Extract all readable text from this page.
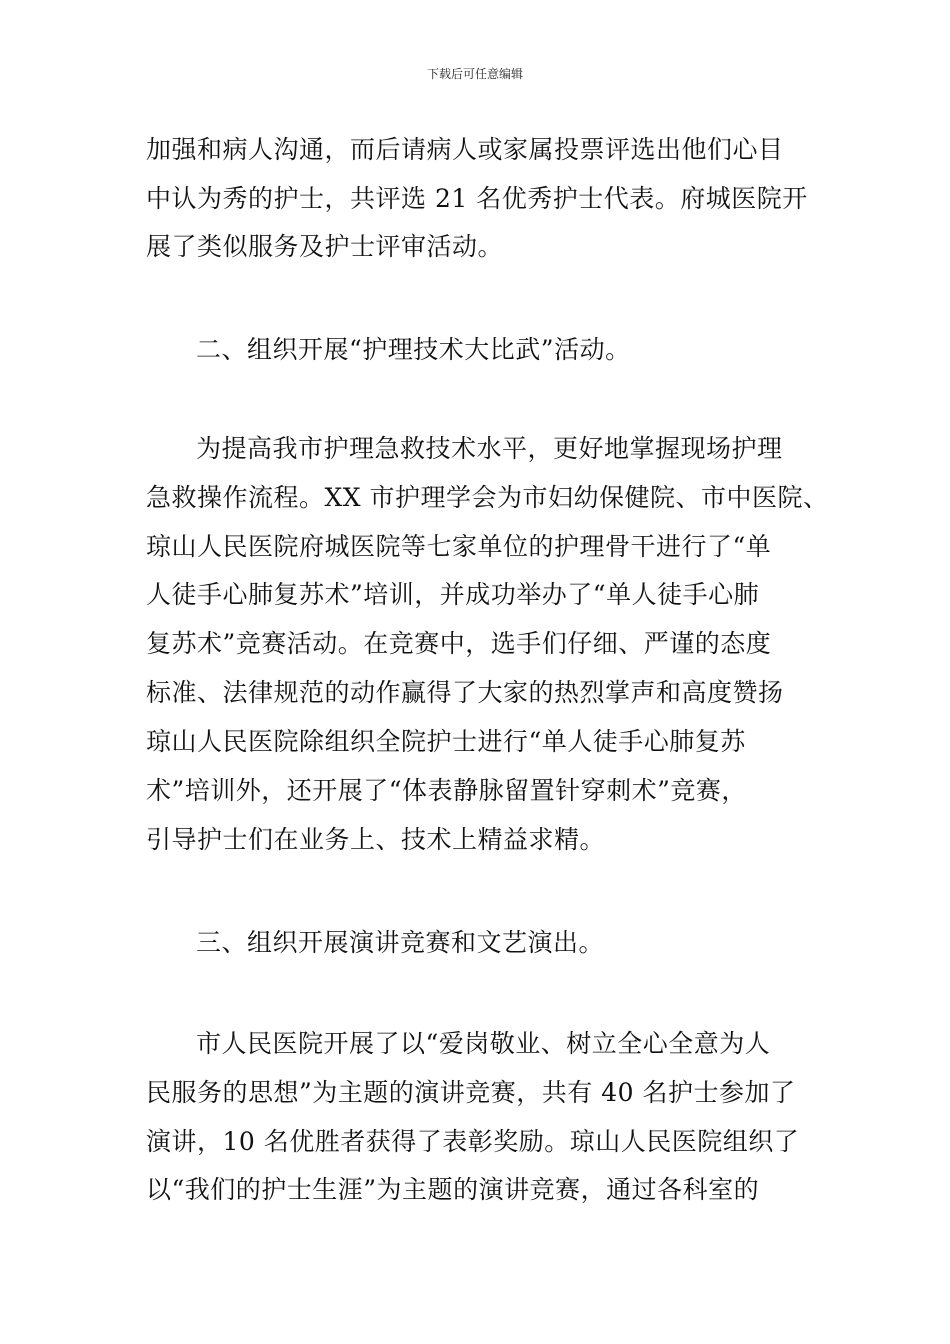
下载后可任意编辑
加强和病人沟通，而后请病人或家属投票评选出他们心目
中认为秀的护士，共评选 21 名优秀护士代表。府城医院开
展了类似服务及护士评审活动。
二、组织开展“护理技术大比武”活动。
为提高我市护理急救技术水平，更好地掌握现场护理
急救操作流程。XX 市护理学会为市妇幼保健院、市中医院、
琼山人民医院府城医院等七家单位的护理骨干进行了“单
人徒手心肺复苏术”培训，并成功举办了“单人徒手心肺
复苏术”竞赛活动。在竞赛中，选手们仔细、严谨的态度
标准、法律规范的动作赢得了大家的热烈掌声和高度赞扬
琼山人民医院除组织全院护士进行“单人徒手心肺复苏
术”培训外，还开展了“体表静脉留置针穿刺术”竞赛，
引导护士们在业务上、技术上精益求精。
三、组织开展演讲竞赛和文艺演出。
市人民医院开展了以“爱岗敬业、树立全心全意为人
民服务的思想”为主题的演讲竞赛，共有 40 名护士参加了
演讲，10 名优胜者获得了表彰奖励。琼山人民医院组织了
以“我们的护士生涯”为主题的演讲竞赛，通过各科室的
